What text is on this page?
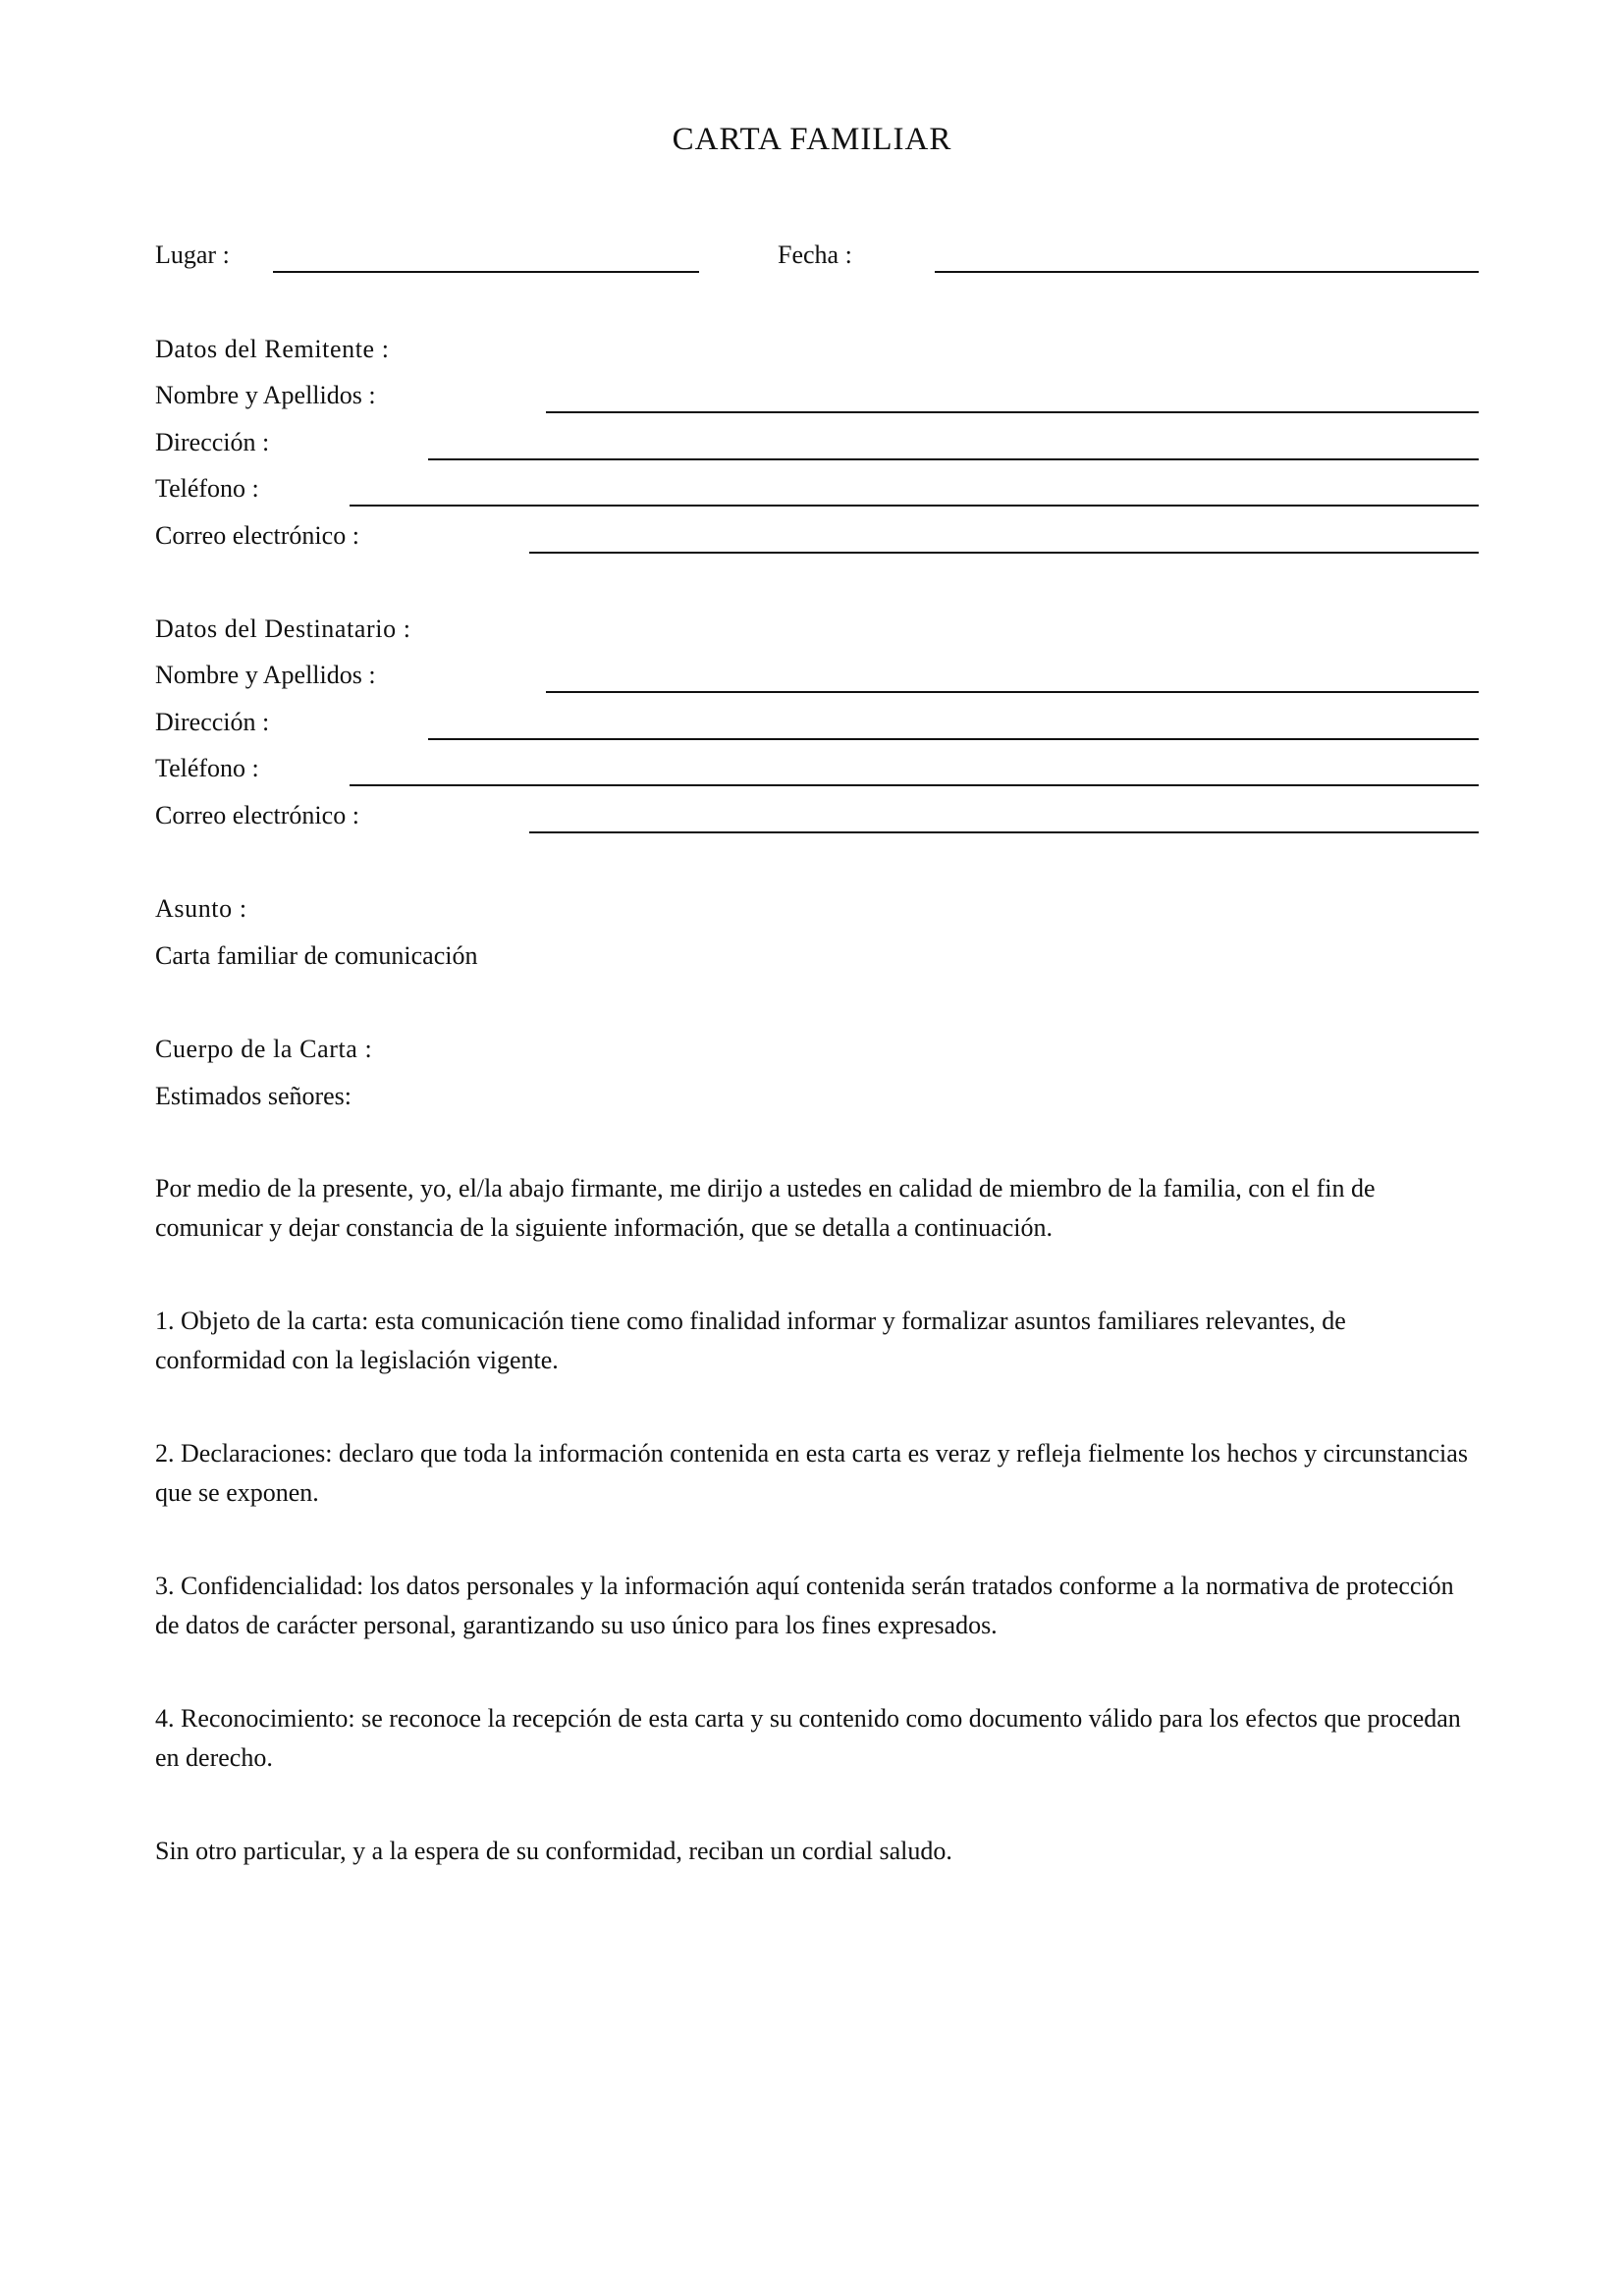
CARTA FAMILIAR
Lugar :	Fecha :
Datos del Remitente :
Nombre y Apellidos :
Dirección :
Teléfono :
Correo electrónico :
Datos del Destinatario :
Nombre y Apellidos :
Dirección :
Teléfono :
Correo electrónico :
Asunto :
Carta familiar de comunicación
Cuerpo de la Carta :
Estimados señores:
Por medio de la presente, yo, el/la abajo firmante, me dirijo a ustedes en calidad de miembro de la familia, con el fin de comunicar y dejar constancia de la siguiente información, que se detalla a continuación.
1. Objeto de la carta: esta comunicación tiene como finalidad informar y formalizar asuntos familiares relevantes, de conformidad con la legislación vigente.
2. Declaraciones: declaro que toda la información contenida en esta carta es veraz y refleja fielmente los hechos y circunstancias que se exponen.
3. Confidencialidad: los datos personales y la información aquí contenida serán tratados conforme a la normativa de protección de datos de carácter personal, garantizando su uso único para los fines expresados.
4. Reconocimiento: se reconoce la recepción de esta carta y su contenido como documento válido para los efectos que procedan en derecho.
Sin otro particular, y a la espera de su conformidad, reciban un cordial saludo.
